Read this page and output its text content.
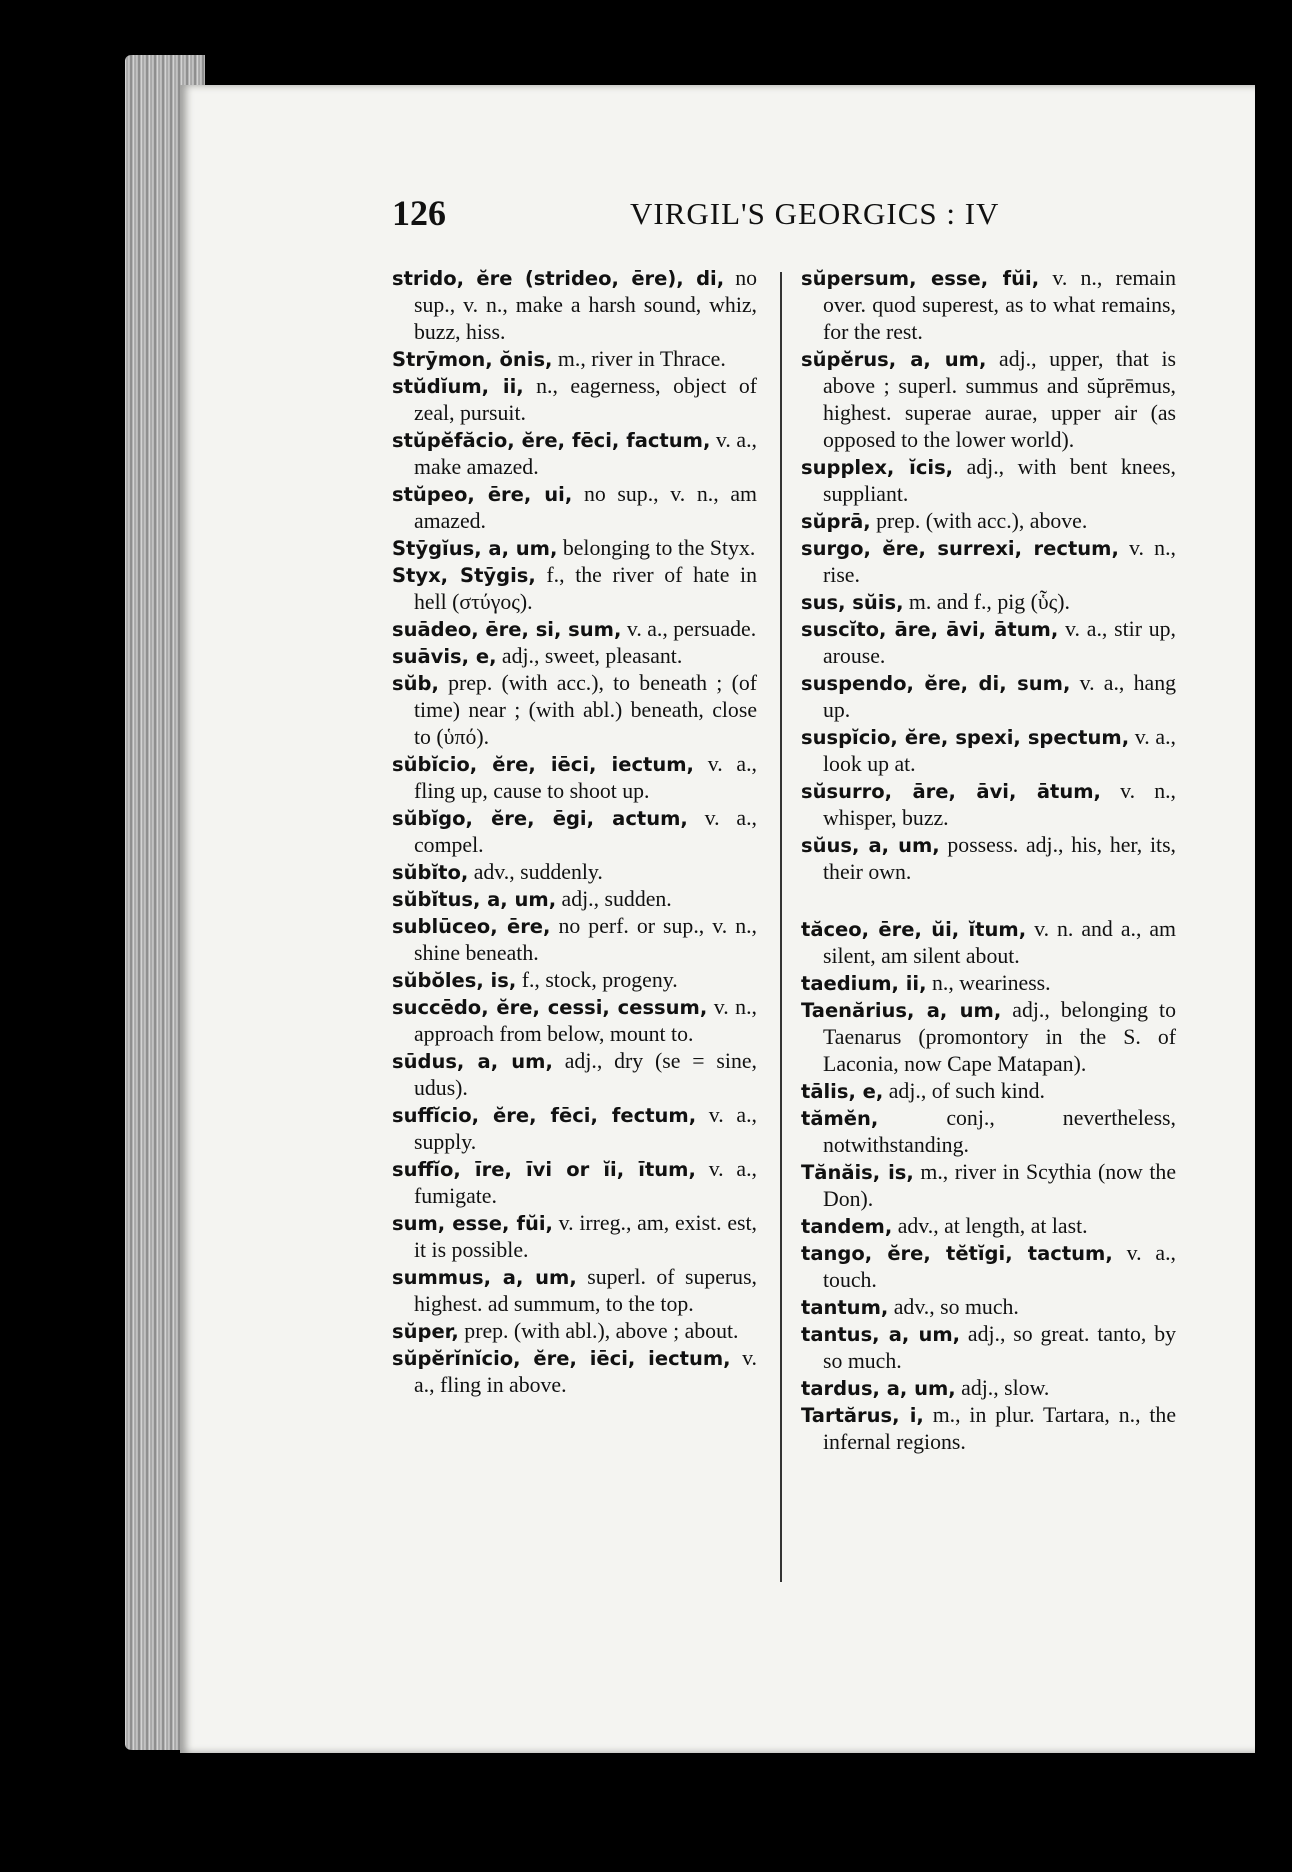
126	VIRGIL'S GEORGICS : IV

strido, ĕre (strideo, ēre), di, no sup., v. n., make a harsh sound, whiz, buzz, hiss.

Strȳmon, ŏnis, m., river in Thrace.

stŭdĭum, ii, n., eagerness, object of zeal, pursuit.

stŭpĕfăcio, ĕre, fēci, factum, v. a., make amazed.

stŭpeo, ēre, ui, no sup., v. n., am amazed.

Stȳgĭus, a, um, belonging to the Styx.

Styx, Stȳgis, f., the river of hate in hell (στύγος).

suādeo, ēre, si, sum, v. a., persuade.

suāvis, e, adj., sweet, pleasant.

sŭb, prep. (with acc.), to beneath ; (of time) near ; (with abl.) beneath, close to (ὑπό).

sŭbĭcio, ĕre, iēci, iectum, v. a., fling up, cause to shoot up.

sŭbĭgo, ĕre, ēgi, actum, v. a., compel.

sŭbĭto, adv., suddenly.

sŭbĭtus, a, um, adj., sudden.

sublūceo, ēre, no perf. or sup., v. n., shine beneath.

sŭbŏles, is, f., stock, progeny.

succēdo, ĕre, cessi, cessum, v. n., approach from below, mount to.

sūdus, a, um, adj., dry (se = sine, udus).

suffĭcio, ĕre, fēci, fectum, v. a., supply.

suffĭo, īre, īvi or ĭi, ītum, v. a., fumigate.

sum, esse, fŭi, v. irreg., am, exist. est, it is possible.

summus, a, um, superl. of superus, highest. ad summum, to the top.

sŭper, prep. (with abl.), above ; about.

sŭpĕrĭnĭcio, ĕre, iēci, iectum, v. a., fling in above.

sŭpersum, esse, fŭi, v. n., remain over. quod superest, as to what remains, for the rest.

sŭpĕrus, a, um, adj., upper, that is above ; superl. summus and sŭprēmus, highest. superae aurae, upper air (as opposed to the lower world).

supplex, ĭcis, adj., with bent knees, suppliant.

sŭprā, prep. (with acc.), above.

surgo, ĕre, surrexi, rectum, v. n., rise.

sus, sŭis, m. and f., pig (ὗς).

suscĭto, āre, āvi, ātum, v. a., stir up, arouse.

suspendo, ĕre, di, sum, v. a., hang up.

suspĭcio, ĕre, spexi, spectum, v. a., look up at.

sŭsurro, āre, āvi, ātum, v. n., whisper, buzz.

sŭus, a, um, possess. adj., his, her, its, their own.

tăceo, ēre, ŭi, ĭtum, v. n. and a., am silent, am silent about.

taedium, ii, n., weariness.

Taenărius, a, um, adj., belonging to Taenarus (promontory in the S. of Laconia, now Cape Matapan).

tālis, e, adj., of such kind.

tămĕn, conj., nevertheless, notwithstanding.

Tănăis, is, m., river in Scythia (now the Don).

tandem, adv., at length, at last.

tango, ĕre, tĕtĭgi, tactum, v. a., touch.

tantum, adv., so much.

tantus, a, um, adj., so great. tanto, by so much.

tardus, a, um, adj., slow.

Tartărus, i, m., in plur. Tartara, n., the infernal regions.
